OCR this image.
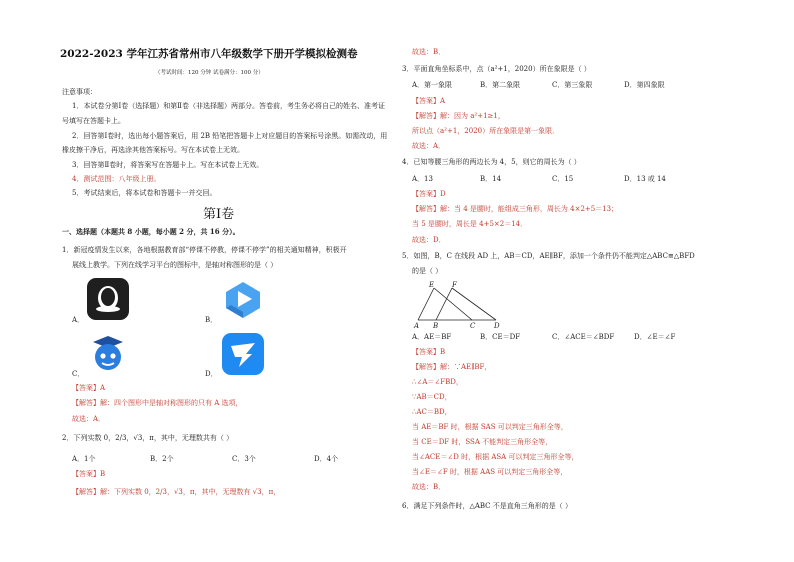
2022-2023 学年江苏省常州市八年级数学下册开学模拟检测卷
（考试时间：120 分钟 试卷满分：100 分）
注意事项：
1．本试卷分第Ⅰ卷（选择题）和第Ⅱ卷（非选择题）两部分。答卷前，考生务必将自己的姓名、准考证
号填写在答题卡上。
2．回答第Ⅰ卷时，选出每小题答案后，用 2B 铅笔把答题卡上对应题目的答案标号涂黑。如需改动，用
橡皮擦干净后，再选涂其他答案标号。写在本试卷上无效。
3．回答第Ⅱ卷时，将答案写在答题卡上。写在本试卷上无效。
4．测试范围：八年级上册。
5．考试结束后，将本试卷和答题卡一并交回。
第Ⅰ卷
一、选择题（本题共 8 小题，每小题 2 分，共 16 分）。
1．新冠疫情发生以来，各地根据教育部“停课不停教，停课不停学”的相关通知精神，积极开
展线上教学。下列在线学习平台的图标中，是轴对称图形的是（ ）
A．	B．
C．	D．
【答案】A
【解答】解：四个图形中是轴对称图形的只有 A 选项，
故选：A．
2．下列实数 0，2/3，√3，π，其中，无理数共有（ ）
A．1个	B．2个	C．3个	D．4个
【答案】B
【解答】解：下列实数 0，2/3，√3，π，其中，无理数有 √3，π，
故选：B．
3．平面直角坐标系中，点（a²+1，2020）所在象限是（ ）
A．第一象限	B．第二象限	C．第三象限	D．第四象限
【答案】A
【解答】解：因为 a²+1≥1，
所以点（a²+1，2020）所在象限是第一象限．
故选：A．
4．已知等腰三角形的两边长为 4，5，则它的周长为（ ）
A．13	B．14	C．15	D．13 或 14
【答案】D
【解答】解：当 4 是腰时，能组成三角形，周长为 4×2+5＝13；
当 5 是腰时，周长是 4+5×2＝14．
故选：D．
5．如图，B，C 在线段 AD 上，AB＝CD，AE∥BF，添加一个条件仍不能判定△ABC≌△BFD
的是（ ）
E	F
A B	C	D
A．AE＝BF	B．CE＝DF	C．∠ACE＝∠BDF	D．∠E＝∠F
【答案】B
【解答】解：∵AE∥BF，
∴∠A＝∠FBD，
∵AB＝CD，
∴AC＝BD，
当 AE＝BF 时，根据 SAS 可以判定三角形全等，
当 CE＝DF 时，SSA 不能判定三角形全等，
当∠ACE＝∠D 时，根据 ASA 可以判定三角形全等，
当∠E＝∠F 时，根据 AAS 可以判定三角形全等，
故选：B．
6．满足下列条件时，△ABC 不是直角三角形的是（ ）
